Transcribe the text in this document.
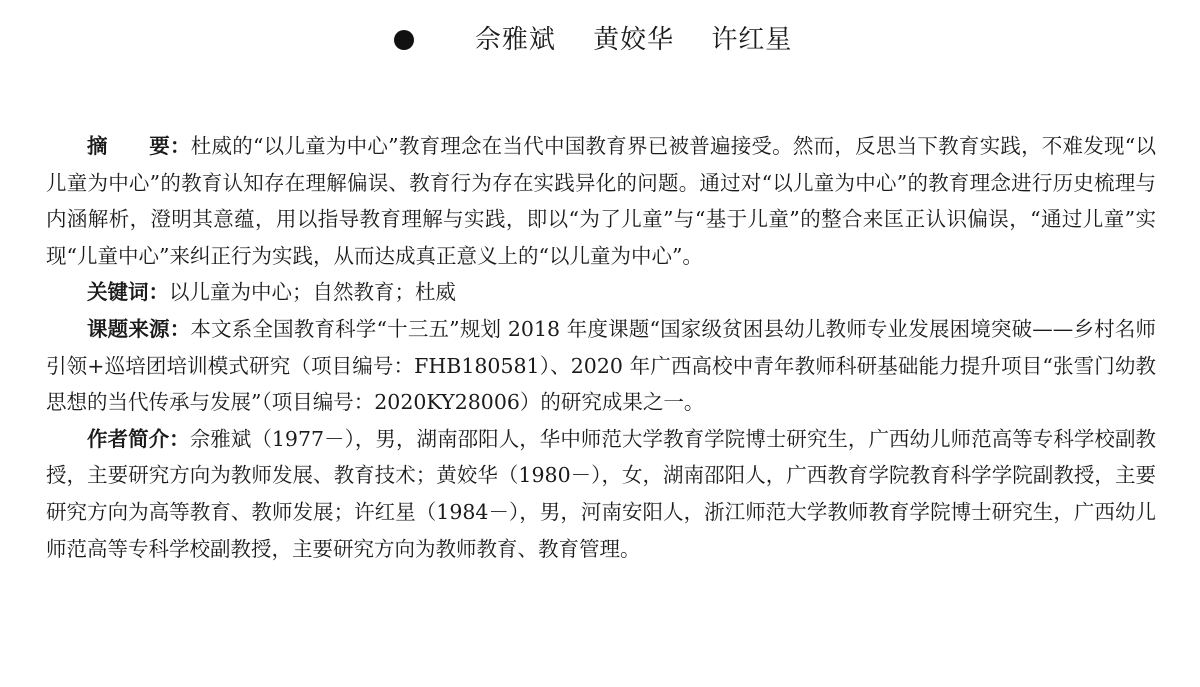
佘雅斌 黄姣华 许红星

摘　　要：杜威的“以儿童为中心”教育理念在当代中国教育界已被普遍接受。然而，反思当下教育实践，不难发现“以儿童为中心”的教育认知存在理解偏误、教育行为存在实践异化的问题。通过对“以儿童为中心”的教育理念进行历史梳理与内涵解析，澄明其意蕴，用以指导教育理解与实践，即以“为了儿童”与“基于儿童”的整合来匡正认识偏误，“通过儿童”实现“儿童中心”来纠正行为实践，从而达成真正意义上的“以儿童为中心”。

关键词：以儿童为中心；自然教育；杜威

课题来源：本文系全国教育科学“十三五”规划 2018 年度课题“国家级贫困县幼儿教师专业发展困境突破——乡村名师引领+巡培团培训模式研究（项目编号：FHB180581）、2020 年广西高校中青年教师科研基础能力提升项目“张雪门幼教思想的当代传承与发展”（项目编号：2020KY28006）的研究成果之一。

作者简介：佘雅斌（1977－），男，湖南邵阳人，华中师范大学教育学院博士研究生，广西幼儿师范高等专科学校副教授，主要研究方向为教师发展、教育技术；黄姣华（1980－），女，湖南邵阳人，广西教育学院教育科学学院副教授，主要研究方向为高等教育、教师发展；许红星（1984－），男，河南安阳人，浙江师范大学教师教育学院博士研究生，广西幼儿师范高等专科学校副教授，主要研究方向为教师教育、教育管理。
